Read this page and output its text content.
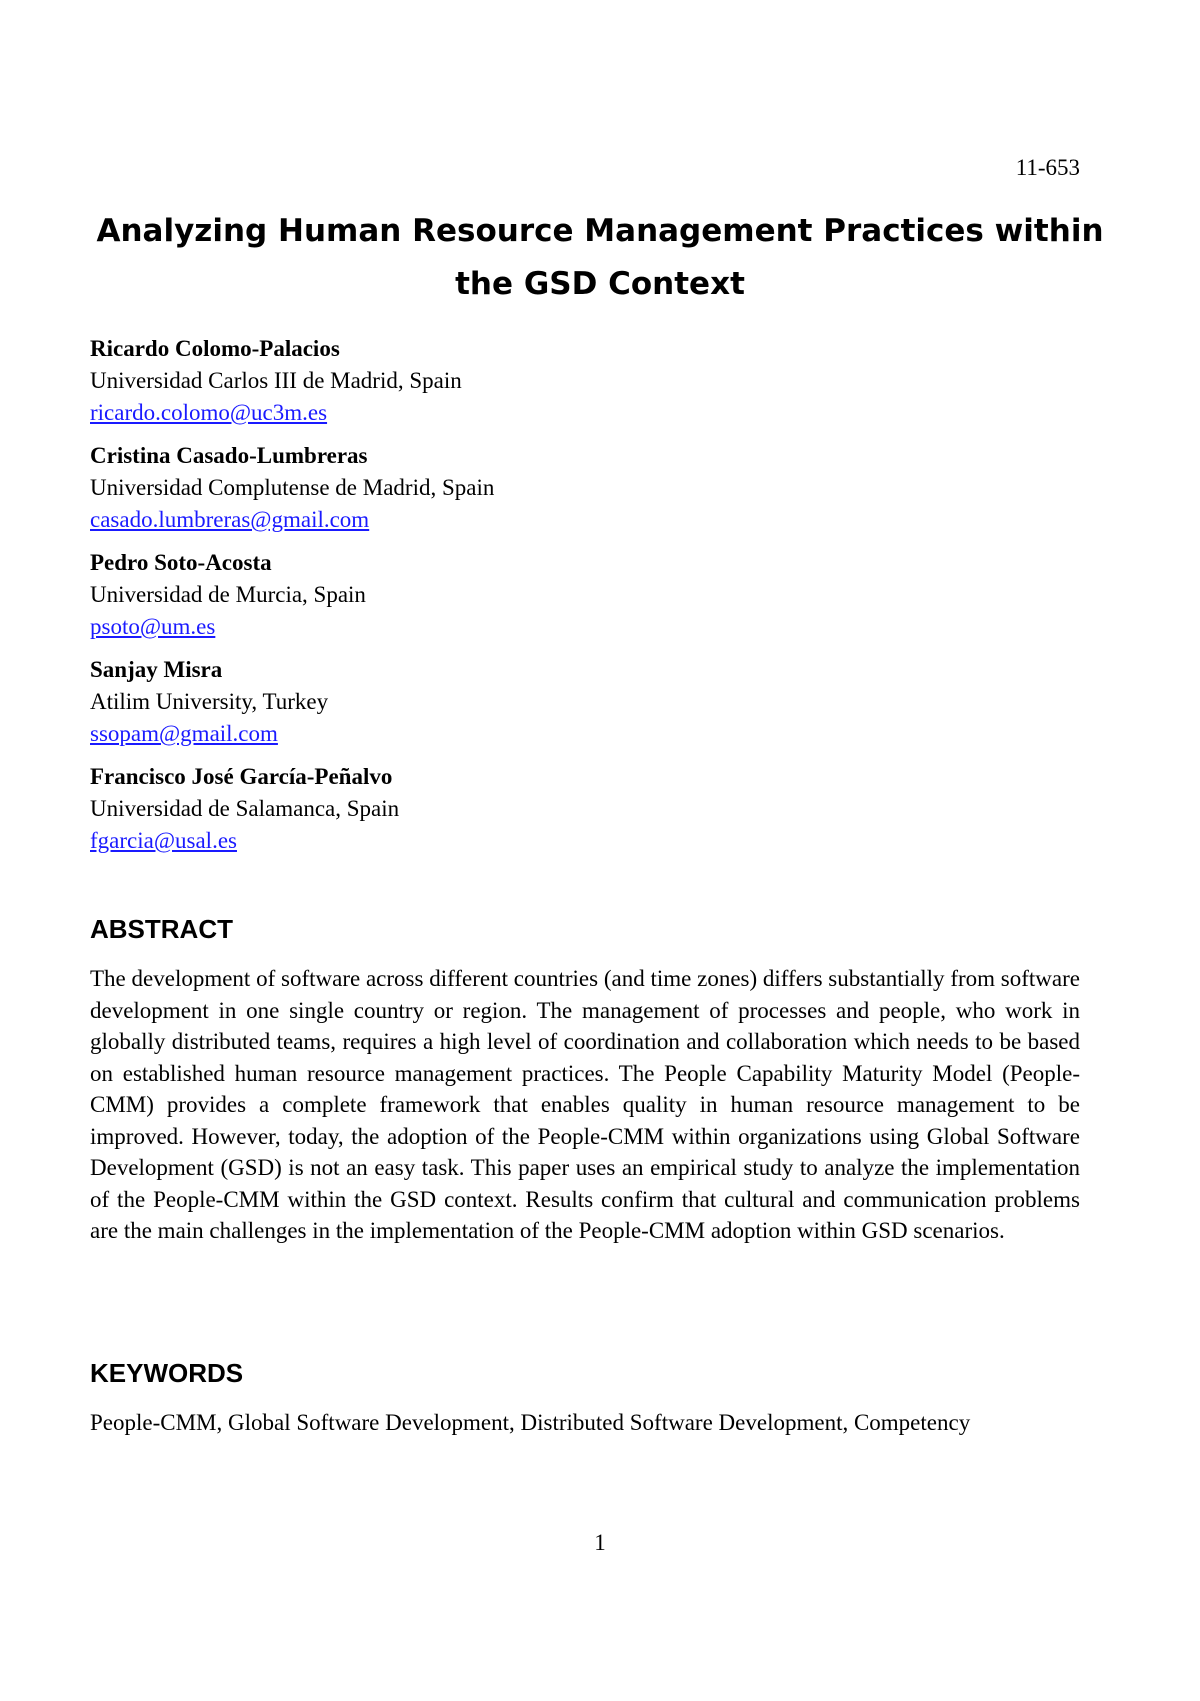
11-653
Analyzing Human Resource Management Practices within
the GSD Context
Ricardo Colomo-Palacios
Universidad Carlos III de Madrid, Spain
ricardo.colomo@uc3m.es
Cristina Casado-Lumbreras
Universidad Complutense de Madrid, Spain
casado.lumbreras@gmail.com
Pedro Soto-Acosta
Universidad de Murcia, Spain
psoto@um.es
Sanjay Misra
Atilim University, Turkey
ssopam@gmail.com
Francisco José García-Peñalvo
Universidad de Salamanca, Spain
fgarcia@usal.es
ABSTRACT

The development of software across different countries (and time zones) differs substantially from software development in one single country or region. The management of processes and people, who work in globally distributed teams, requires a high level of coordination and collaboration which needs to be based on established human resource management practices. The People Capability Maturity Model (People-CMM) provides a complete framework that enables quality in human resource management to be improved. However, today, the adoption of the People-CMM within organizations using Global Software Development (GSD) is not an easy task. This paper uses an empirical study to analyze the implementation of the People-CMM within the GSD context. Results confirm that cultural and communication problems are the main challenges in the implementation of the People-CMM adoption within GSD scenarios.

KEYWORDS

People-CMM, Global Software Development, Distributed Software Development, Competency

1
